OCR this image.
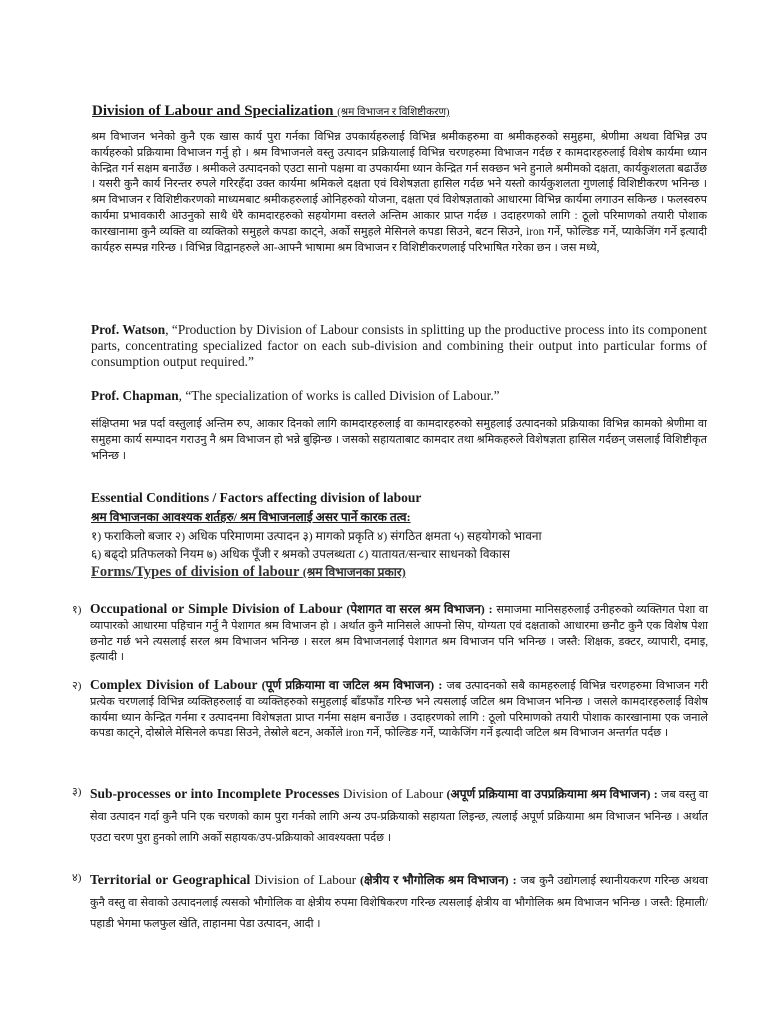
Division of Labour and Specialization (श्रम विभाजन र विशिष्टीकरण)
श्रम विभाजन भनेको कुनै एक खास कार्य पुरा गर्नका विभिन्न उपकार्यहरुलाई विभिन्न श्रमीकहरुमा वा श्रमीकहरुको समुहमा, श्रेणीमा अथवा विभिन्न उप कार्यहरुको प्रक्रियामा विभाजन गर्नु हो । श्रम विभाजनले वस्तु उत्पादन प्रक्रियालाई विभिन्न चरणहरुमा विभाजन गर्दछ र कामदारहरुलाई विशेष कार्यमा ध्यान केन्द्रित गर्न सक्षम बनाउँछ । श्रमीकले उत्पादनको एउटा सानो पक्षमा वा उपकार्यमा ध्यान केन्द्रित गर्न सक्छन भने हुनाले श्रमीमको दक्षता, कार्यकुशलता बढाउँछ । यसरी कुनै कार्य निरन्तर रुपले गरिरहँदा उक्त कार्यमा श्रमिकले दक्षता एवं विशेषज्ञता हासिल गर्दछ भने यस्तो कार्यकुशलता गुणलाई विशिष्टीकरण भनिन्छ । श्रम विभाजन र विशिष्टीकरणको माध्यमबाट श्रमीकहरुलाई ओनिहरुको योजना, दक्षता एवं विशेषज्ञताको आधारमा विभिन्न कार्यमा लगाउन सकिन्छ । फलस्वरुप कार्यमा प्रभावकारी आउनुको साथै धेरै कामदारहरुको सहयोगमा वस्तले अन्तिम आकार प्राप्त गर्दछ । उदाहरणको लागि : ठूलो परिमाणको तयारी पोशाक कारखानामा कुनै व्यक्ति वा व्यक्तिको समुहले कपडा काट्ने, अर्को समुहले मेसिनले कपडा सिउने, बटन सिउने, iron गर्ने, फोल्डिङ गर्ने, प्याकेजिंग गर्ने इत्यादी कार्यहरु सम्पन्न गरिन्छ । विभिन्न विद्वानहरुले आ-आफ्नै भाषामा श्रम विभाजन र विशिष्टीकरणलाई परिभाषित गरेका छन । जस मध्ये,
Prof. Watson, “Production by Division of Labour consists in splitting up the productive process into its component parts, concentrating specialized factor on each sub-division and combining their output into particular forms of consumption output required.”
Prof. Chapman, “The specialization of works is called Division of Labour.”
संक्षिप्तमा भन्न पर्दा वस्तुलाई अन्तिम रुप, आकार दिनको लागि कामदारहरुलाई वा कामदारहरुको समुहलाई उत्पादनको प्रक्रियाका विभिन्न कामको श्रेणीमा वा समुहमा कार्य सम्पादन गराउनु नै श्रम विभाजन हो भन्ने बुझिन्छ । जसको सहायताबाट कामदार तथा श्रमिकहरुले विशेषज्ञता हासिल गर्दछन् जसलाई विशिष्टीकृत भनिन्छ ।
Essential Conditions / Factors affecting division of labour
श्रम विभाजनका आवश्यक शर्तहरु/ श्रम विभाजनलाई असर पार्ने कारक तत्व:
१) फराकिलो बजार २) अधिक परिमाणमा उत्पादन ३) मागको प्रकृति ४) संगठित क्षमता ५) सहयोगको भावना
६) बढ्दो प्रतिफलको नियम ७) अधिक पूँजी र श्रमको उपलब्धता ८) यातायत/सन्चार साधनको विकास
Forms/Types of division of labour (श्रम विभाजनका प्रकार)
१) Occupational or Simple Division of Labour (पेशागत वा सरल श्रम विभाजन) : समाजमा मानिसहरुलाई उनीहरुको व्यक्तिगत पेशा वा व्यापारको आधारमा पहिचान गर्नु नै पेशागत श्रम विभाजन हो । अर्थात कुनै मानिसले आफ्नो सिप, योग्यता एवं दक्षताको आधारमा छनौट कुनै एक विशेष पेशा छनोट गर्छ भने त्यसलाई सरल श्रम विभाजन भनिन्छ । सरल श्रम विभाजनलाई पेशागत श्रम विभाजन पनि भनिन्छ । जस्तै: शिक्षक, डक्टर, व्यापारी, दमाइ, इत्यादी ।
२) Complex Division of Labour (पूर्ण प्रक्रियामा वा जटिल श्रम विभाजन) : जब उत्पादनको सबै कामहरुलाई विभिन्न चरणहरुमा विभाजन गरी प्रत्येक चरणलाई विभिन्न व्यक्तिहरुलाई वा व्यक्तिहरुको समुहलाई बाँडफाँड गरिन्छ भने त्यसलाई जटिल श्रम विभाजन भनिन्छ । जसले कामदारहरुलाई विशेष कार्यमा ध्यान केन्द्रित गर्नमा र उत्पादनमा विशेषज्ञता प्राप्त गर्नमा सक्षम बनाउँछ । उदाहरणको लागि : ठूलो परिमाणको तयारी पोशाक कारखानामा एक जनाले कपडा काट्ने, दोस्रोले मेसिनले कपडा सिउने, तेस्रोले बटन, अर्कोले iron गर्ने, फोल्डिङ गर्ने, प्याकेजिंग गर्ने इत्यादी जटिल श्रम विभाजन अन्तर्गत पर्दछ ।
३) Sub-processes or into Incomplete Processes Division of Labour (अपूर्ण प्रक्रियामा वा उपप्रक्रियामा श्रम विभाजन) : जब वस्तु वा सेवा उत्पादन गर्दा कुनै पनि एक चरणको काम पुरा गर्नको लागि अन्य उप-प्रक्रियाको सहायता लिइन्छ, त्यलाई अपूर्ण प्रक्रियामा श्रम विभाजन भनिन्छ । अर्थात एउटा चरण पुरा हुनको लागि अर्को सहायक/उप-प्रक्रियाको आवश्यक्ता पर्दछ ।
४) Territorial or Geographical Division of Labour (क्षेत्रीय र भौगोलिक श्रम विभाजन) : जब कुनै उद्योगलाई स्थानीयकरण गरिन्छ अथवा कुनै वस्तु वा सेवाको उत्पादनलाई त्यसको भौगोलिक वा क्षेत्रीय रुपमा विशेषिकरण गरिन्छ त्यसलाई क्षेत्रीय वा भौगोलिक श्रम विभाजन भनिन्छ । जस्तै: हिमाली/पहाडी भेगमा फलफुल खेति, ताहानमा पेडा उत्पादन, आदी ।
